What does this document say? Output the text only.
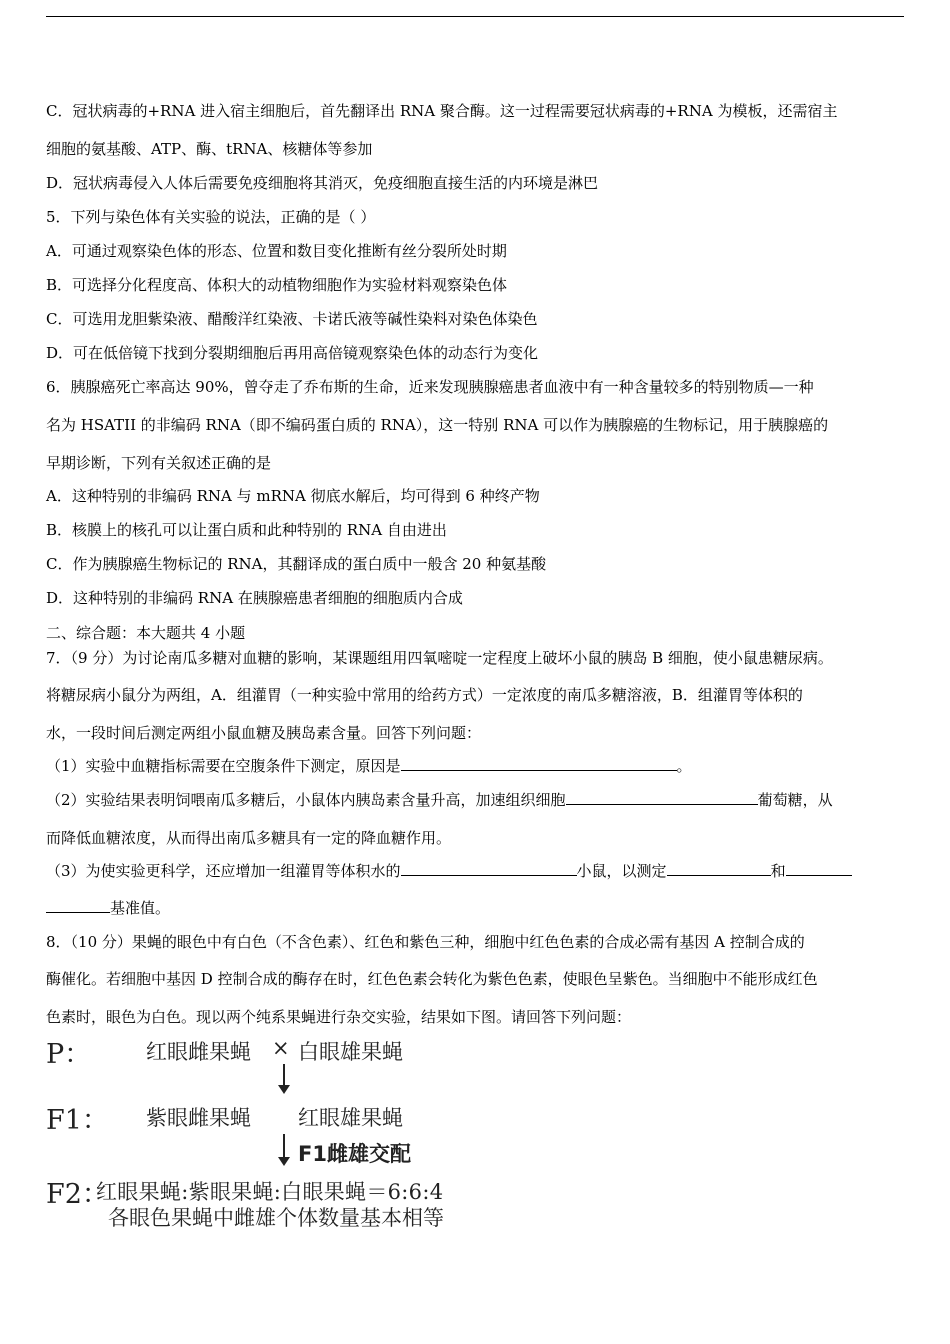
C．冠状病毒的+RNA 进入宿主细胞后，首先翻译出 RNA 聚合酶。这一过程需要冠状病毒的+RNA 为模板，还需宿主
细胞的氨基酸、ATP、酶、tRNA、核糖体等参加
D．冠状病毒侵入人体后需要免疫细胞将其消灭，免疫细胞直接生活的内环境是淋巴
5．下列与染色体有关实验的说法，正确的是（ ）
A．可通过观察染色体的形态、位置和数目变化推断有丝分裂所处时期
B．可选择分化程度高、体积大的动植物细胞作为实验材料观察染色体
C．可选用龙胆紫染液、醋酸洋红染液、卡诺氏液等碱性染料对染色体染色
D．可在低倍镜下找到分裂期细胞后再用高倍镜观察染色体的动态行为变化
6．胰腺癌死亡率高达 90%，曾夺走了乔布斯的生命，近来发现胰腺癌患者血液中有一种含量较多的特别物质—一种
名为 HSATII 的非编码 RNA（即不编码蛋白质的 RNA），这一特别 RNA 可以作为胰腺癌的生物标记，用于胰腺癌的
早期诊断，下列有关叙述正确的是
A．这种特别的非编码 RNA 与 mRNA 彻底水解后，均可得到 6 种终产物
B．核膜上的核孔可以让蛋白质和此种特别的 RNA 自由进出
C．作为胰腺癌生物标记的 RNA，其翻译成的蛋白质中一般含 20 种氨基酸
D．这种特别的非编码 RNA 在胰腺癌患者细胞的细胞质内合成
二、综合题：本大题共 4 小题
7．（9 分）为讨论南瓜多糖对血糖的影响，某课题组用四氧嘧啶一定程度上破坏小鼠的胰岛 B 细胞，使小鼠患糖尿病。
将糖尿病小鼠分为两组，A．组灌胃（一种实验中常用的给药方式）一定浓度的南瓜多糖溶液，B．组灌胃等体积的
水，一段时间后测定两组小鼠血糖及胰岛素含量。回答下列问题：
（1）实验中血糖指标需要在空腹条件下测定，原因是	。
（2）实验结果表明饲喂南瓜多糖后，小鼠体内胰岛素含量升高，加速组织细胞	葡萄糖，从
而降低血糖浓度，从而得出南瓜多糖具有一定的降血糖作用。
（3）为使实验更科学，还应增加一组灌胃等体积水的	小鼠，以测定	和
基准值。
8．（10 分）果蝇的眼色中有白色（不含色素）、红色和紫色三种，细胞中红色色素的合成必需有基因 A 控制合成的
酶催化。若细胞中基因 D 控制合成的酶存在时，红色色素会转化为紫色色素，使眼色呈紫色。当细胞中不能形成红色
色素时，眼色为白色。现以两个纯系果蝇进行杂交实验，结果如下图。请回答下列问题：
P：	红眼雌果蝇 × 白眼雄果蝇
F1： 紫眼雌果蝇 红眼雄果蝇
F1雌雄交配
F2：
红眼果蝇:紫眼果蝇:白眼果蝇＝6:6:4
各眼色果蝇中雌雄个体数量基本相等
